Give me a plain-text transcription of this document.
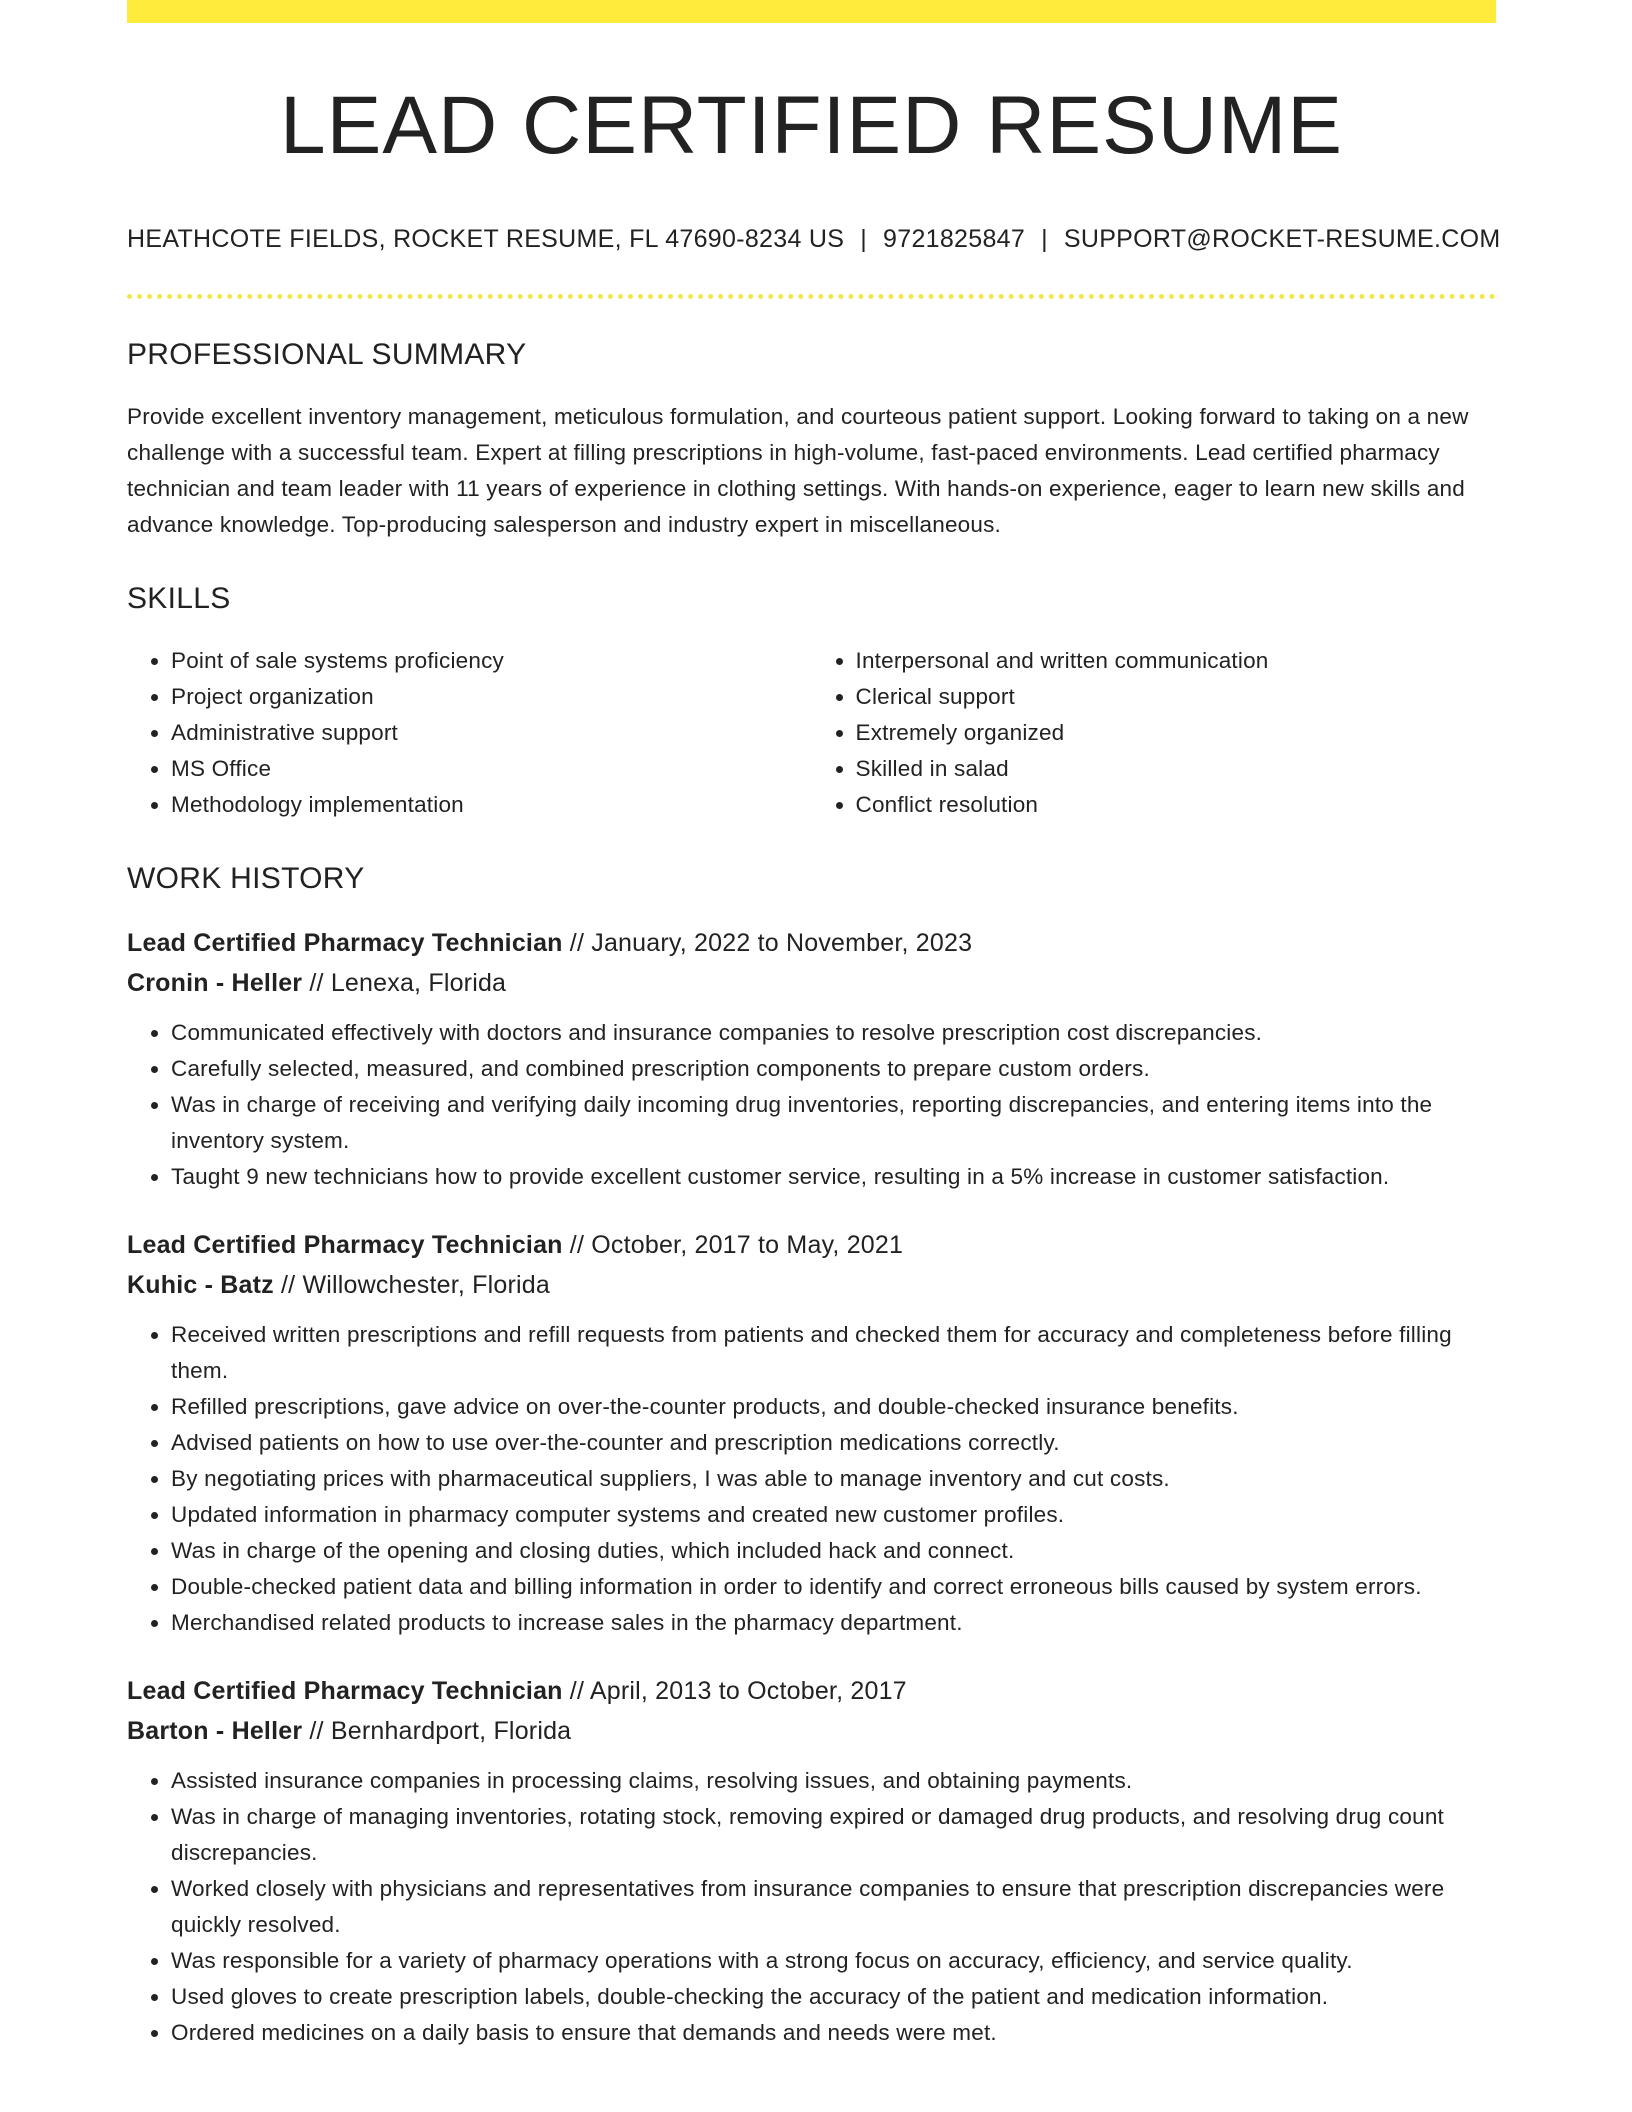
LEAD CERTIFIED RESUME
HEATHCOTE FIELDS, ROCKET RESUME, FL 47690-8234 US | 9721825847 | SUPPORT@ROCKET-RESUME.COM
PROFESSIONAL SUMMARY

Provide excellent inventory management, meticulous formulation, and courteous patient support. Looking forward to taking on a new challenge with a successful team. Expert at filling prescriptions in high-volume, fast-paced environments. Lead certified pharmacy technician and team leader with 11 years of experience in clothing settings. With hands-on experience, eager to learn new skills and advance knowledge. Top-producing salesperson and industry expert in miscellaneous.

SKILLS
• Point of sale systems proficiency
• Project organization
• Administrative support
• MS Office
• Methodology implementation
• Interpersonal and written communication
• Clerical support
• Extremely organized
• Skilled in salad
• Conflict resolution
WORK HISTORY
Lead Certified Pharmacy Technician // January, 2022 to November, 2023
Cronin - Heller // Lenexa, Florida
• Communicated effectively with doctors and insurance companies to resolve prescription cost discrepancies.
• Carefully selected, measured, and combined prescription components to prepare custom orders.
• Was in charge of receiving and verifying daily incoming drug inventories, reporting discrepancies, and entering items into the inventory system.
• Taught 9 new technicians how to provide excellent customer service, resulting in a 5% increase in customer satisfaction.
Lead Certified Pharmacy Technician // October, 2017 to May, 2021
Kuhic - Batz // Willowchester, Florida
• Received written prescriptions and refill requests from patients and checked them for accuracy and completeness before filling them.
• Refilled prescriptions, gave advice on over-the-counter products, and double-checked insurance benefits.
• Advised patients on how to use over-the-counter and prescription medications correctly.
• By negotiating prices with pharmaceutical suppliers, I was able to manage inventory and cut costs.
• Updated information in pharmacy computer systems and created new customer profiles.
• Was in charge of the opening and closing duties, which included hack and connect.
• Double-checked patient data and billing information in order to identify and correct erroneous bills caused by system errors.
• Merchandised related products to increase sales in the pharmacy department.
Lead Certified Pharmacy Technician // April, 2013 to October, 2017
Barton - Heller // Bernhardport, Florida
• Assisted insurance companies in processing claims, resolving issues, and obtaining payments.
• Was in charge of managing inventories, rotating stock, removing expired or damaged drug products, and resolving drug count discrepancies.
• Worked closely with physicians and representatives from insurance companies to ensure that prescription discrepancies were quickly resolved.
• Was responsible for a variety of pharmacy operations with a strong focus on accuracy, efficiency, and service quality.
• Used gloves to create prescription labels, double-checking the accuracy of the patient and medication information.
• Ordered medicines on a daily basis to ensure that demands and needs were met.
